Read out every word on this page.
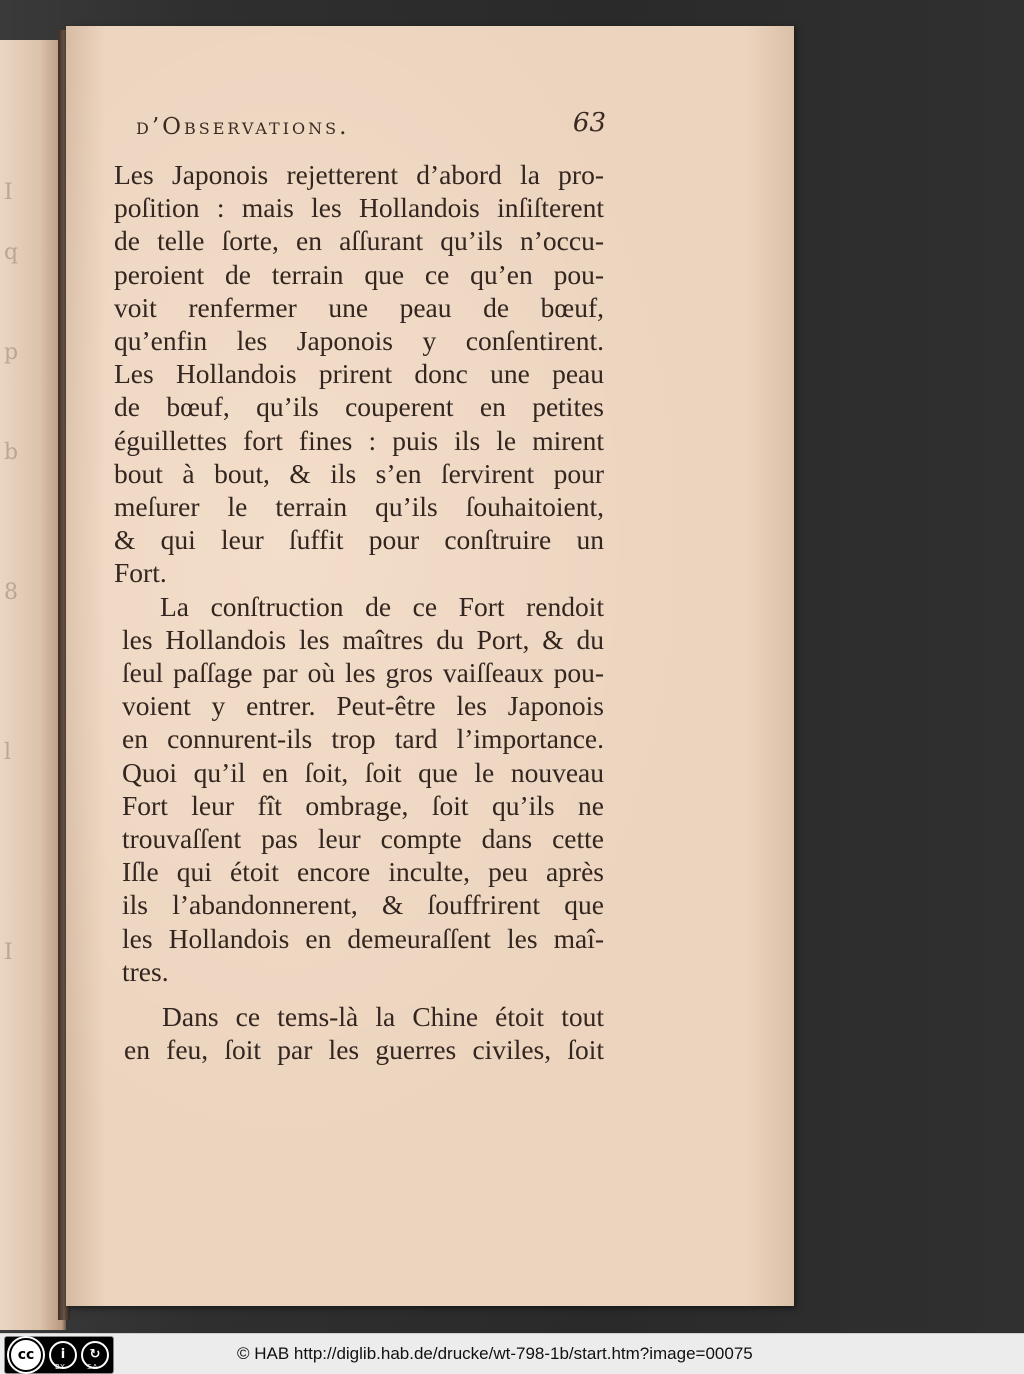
I
q
p
b
8
l
I
d’Observations.	63
Les Japonois rejetterent d’abord la pro-
poſition : mais les Hollandois inſiſterent
de telle ſorte, en aſſurant qu’ils n’occu-
peroient de terrain que ce qu’en pou-
voit renfermer une peau de bœuf,
qu’enfin les Japonois y conſentirent.
Les Hollandois prirent donc une peau
de bœuf, qu’ils couperent en petites
éguillettes fort fines : puis ils le mirent
bout à bout, & ils s’en ſervirent pour
meſurer le terrain qu’ils ſouhaitoient,
& qui leur ſuffit pour conſtruire un
Fort.
La conſtruction de ce Fort rendoit
les Hollandois les maîtres du Port, & du
ſeul paſſage par où les gros vaiſſeaux pou-
voient y entrer. Peut-être les Japonois
en connurent-ils trop tard l’importance.
Quoi qu’il en ſoit, ſoit que le nouveau
Fort leur fît ombrage, ſoit qu’ils ne
trouvaſſent pas leur compte dans cette
Iſle qui étoit encore inculte, peu après
ils l’abandonnerent, & ſouffrirent que
les Hollandois en demeuraſſent les maî-
tres.
Dans ce tems-là la Chine étoit tout
en feu, ſoit par les guerres civiles, ſoit
cc	i	↻
BY	SA
© HAB http://diglib.hab.de/drucke/wt-798-1b/start.htm?image=00075
